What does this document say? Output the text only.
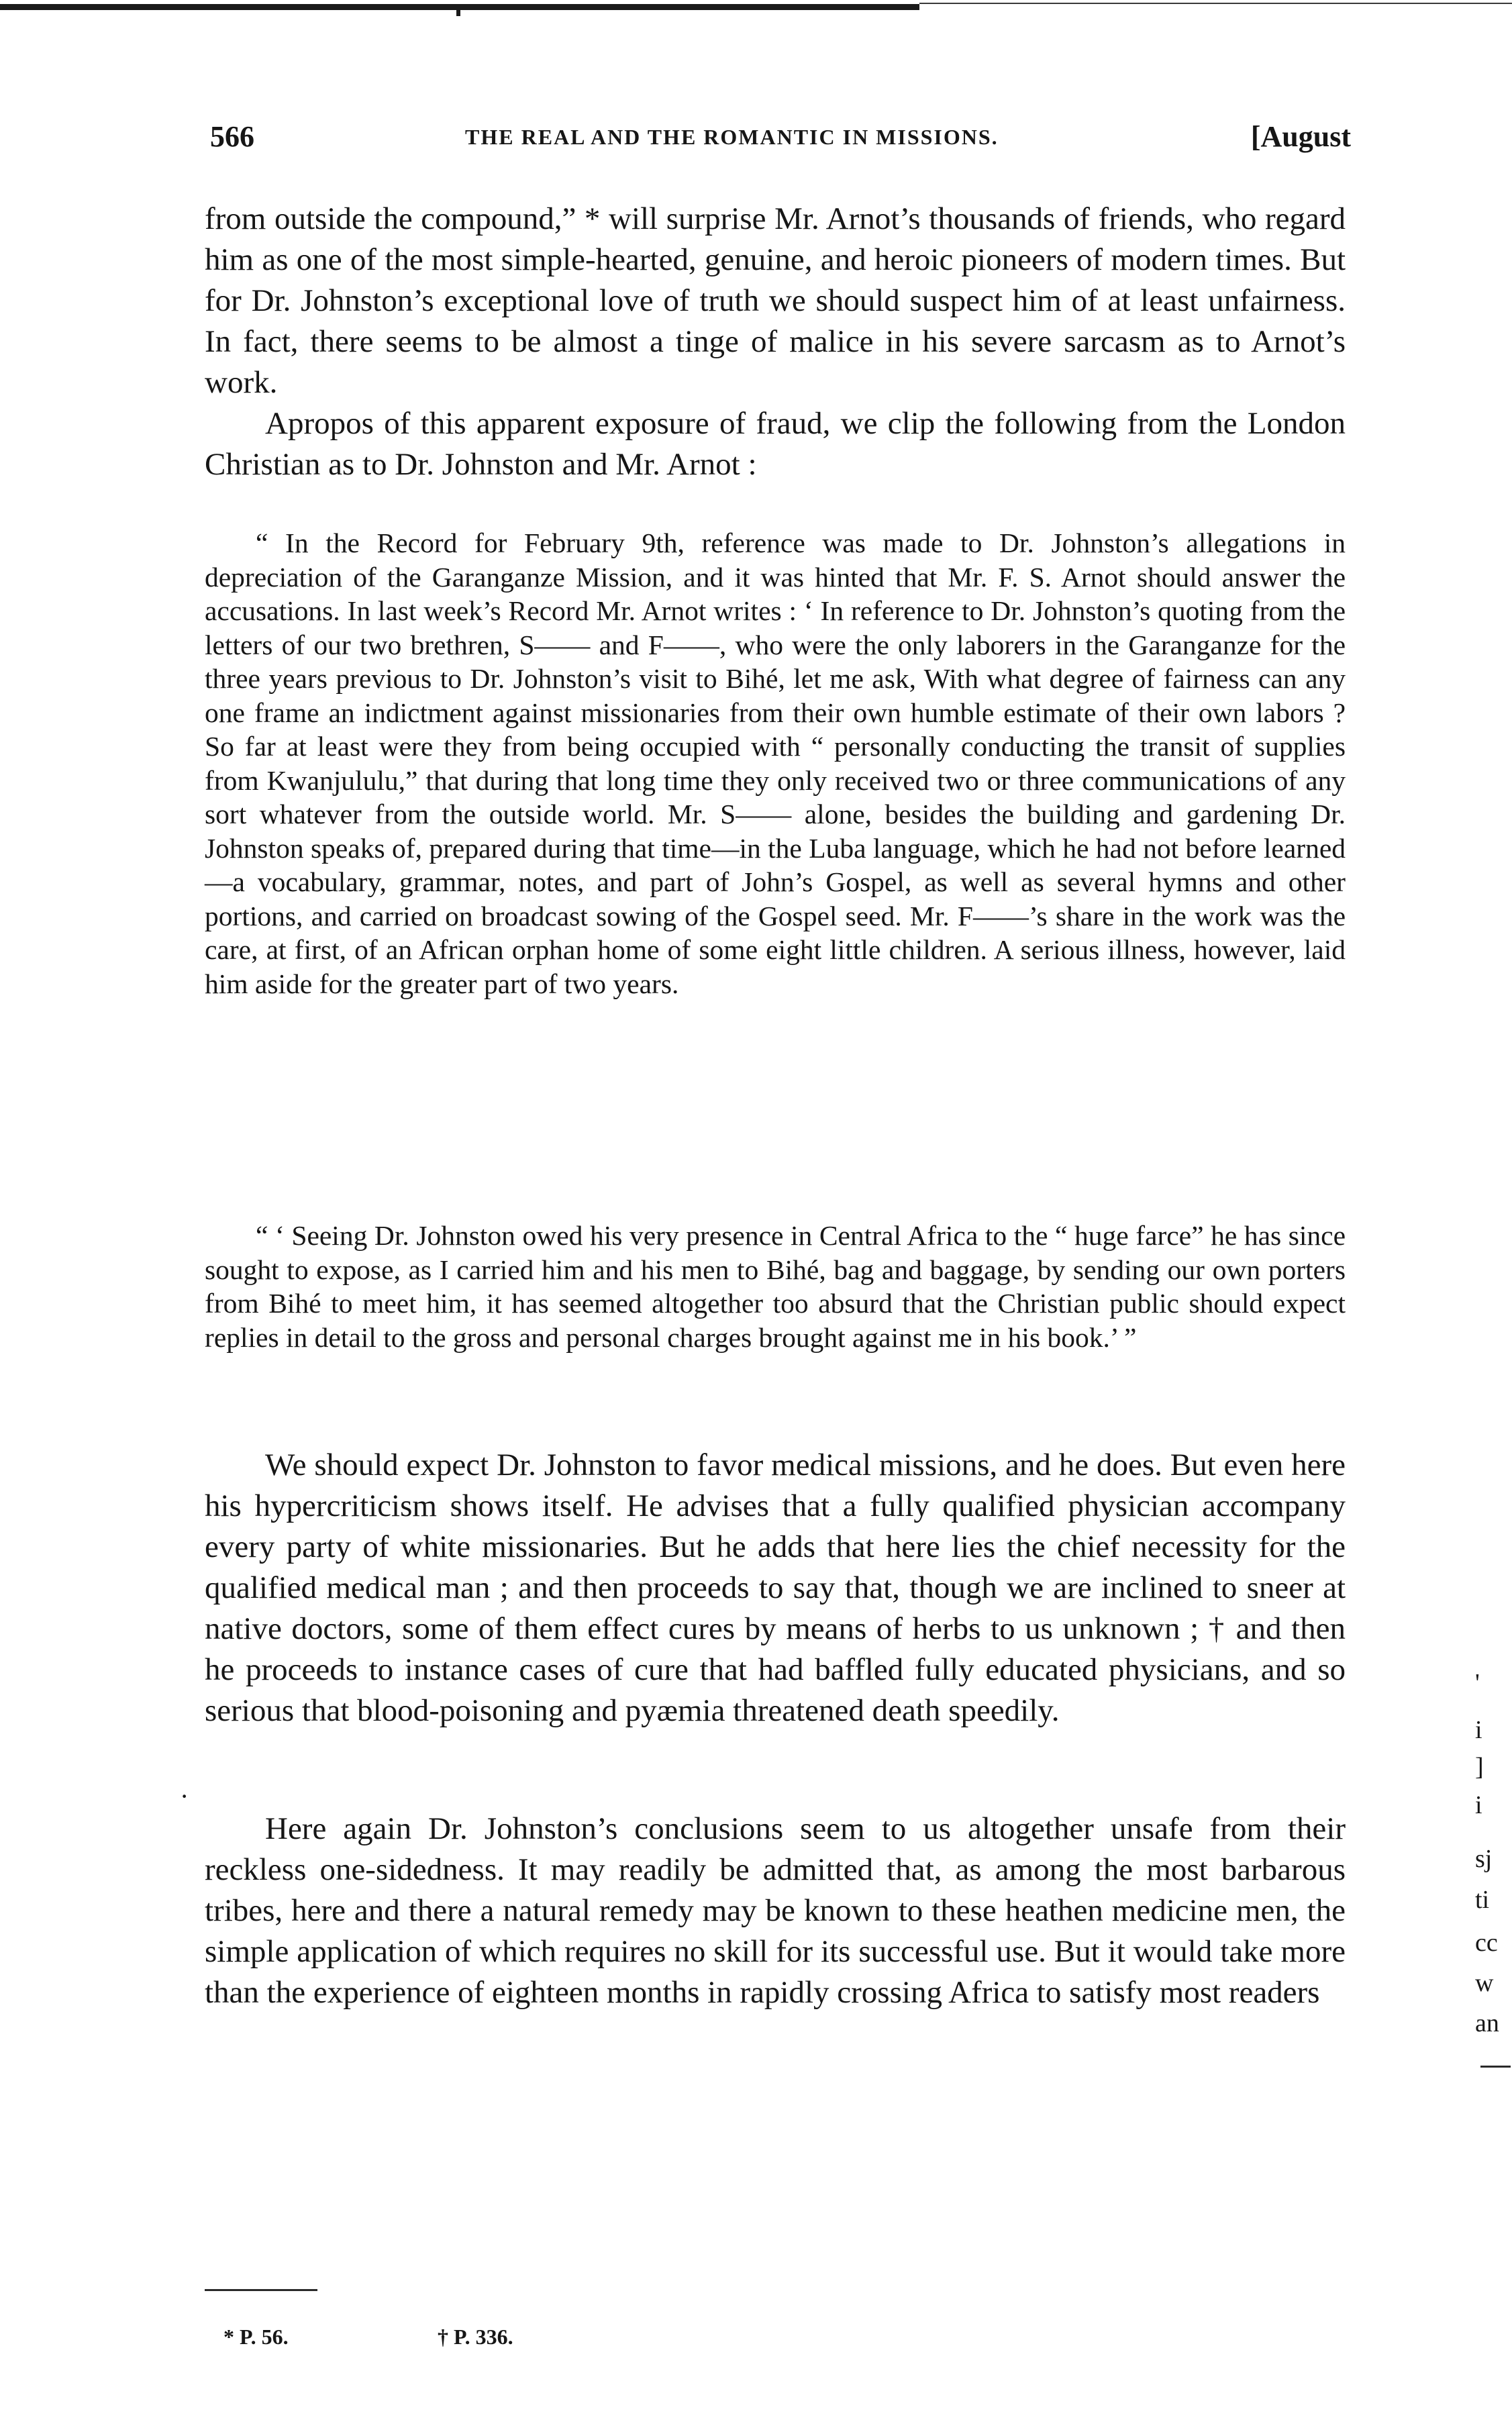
566	THE REAL AND THE ROMANTIC IN MISSIONS.	[August

from outside the compound,” * will surprise Mr. Arnot’s thousands of friends, who regard him as one of the most simple-hearted, genuine, and heroic pioneers of modern times. But for Dr. Johnston’s exceptional love of truth we should suspect him of at least unfairness. In fact, there seems to be almost a tinge of malice in his severe sarcasm as to Arnot’s work.

Apropos of this apparent exposure of fraud, we clip the following from the London Christian as to Dr. Johnston and Mr. Arnot :

“ In the Record for February 9th, reference was made to Dr. Johnston’s allegations in depreciation of the Garanganze Mission, and it was hinted that Mr. F. S. Arnot should answer the accusations. In last week’s Record Mr. Arnot writes : ‘ In reference to Dr. Johnston’s quoting from the letters of our two brethren, S—— and F——, who were the only laborers in the Garanganze for the three years previous to Dr. Johnston’s visit to Bihé, let me ask, With what degree of fairness can any one frame an indictment against missionaries from their own humble estimate of their own labors ? So far at least were they from being occupied with “ personally conducting the transit of supplies from Kwanjululu,” that during that long time they only received two or three communications of any sort whatever from the outside world. Mr. S—— alone, besides the building and gardening Dr. Johnston speaks of, prepared during that time—in the Luba language, which he had not before learned—a vocabulary, grammar, notes, and part of John’s Gospel, as well as several hymns and other portions, and carried on broadcast sowing of the Gospel seed. Mr. F——’s share in the work was the care, at first, of an African orphan home of some eight little children. A serious illness, however, laid him aside for the greater part of two years.

“ ‘ Seeing Dr. Johnston owed his very presence in Central Africa to the “ huge farce” he has since sought to expose, as I carried him and his men to Bihé, bag and baggage, by sending our own porters from Bihé to meet him, it has seemed altogether too absurd that the Christian public should expect replies in detail to the gross and personal charges brought against me in his book.’ ”

We should expect Dr. Johnston to favor medical missions, and he does. But even here his hypercriticism shows itself. He advises that a fully qualified physician accompany every party of white missionaries. But he adds that here lies the chief necessity for the qualified medical man ; and then proceeds to say that, though we are inclined to sneer at native doctors, some of them effect cures by means of herbs to us unknown ; † and then he proceeds to instance cases of cure that had baffled fully educated physicians, and so serious that blood-poisoning and pyæmia threatened death speedily.

Here again Dr. Johnston’s conclusions seem to us altogether unsafe from their reckless one-sidedness. It may readily be admitted that, as among the most barbarous tribes, here and there a natural remedy may be known to these heathen medicine men, the simple application of which requires no skill for its successful use. But it would take more than the experience of eighteen months in rapidly crossing Africa to satisfy most readers

* P. 56.	† P. 336.
·
'
i
]
i
sj
ti
cc
w
an
